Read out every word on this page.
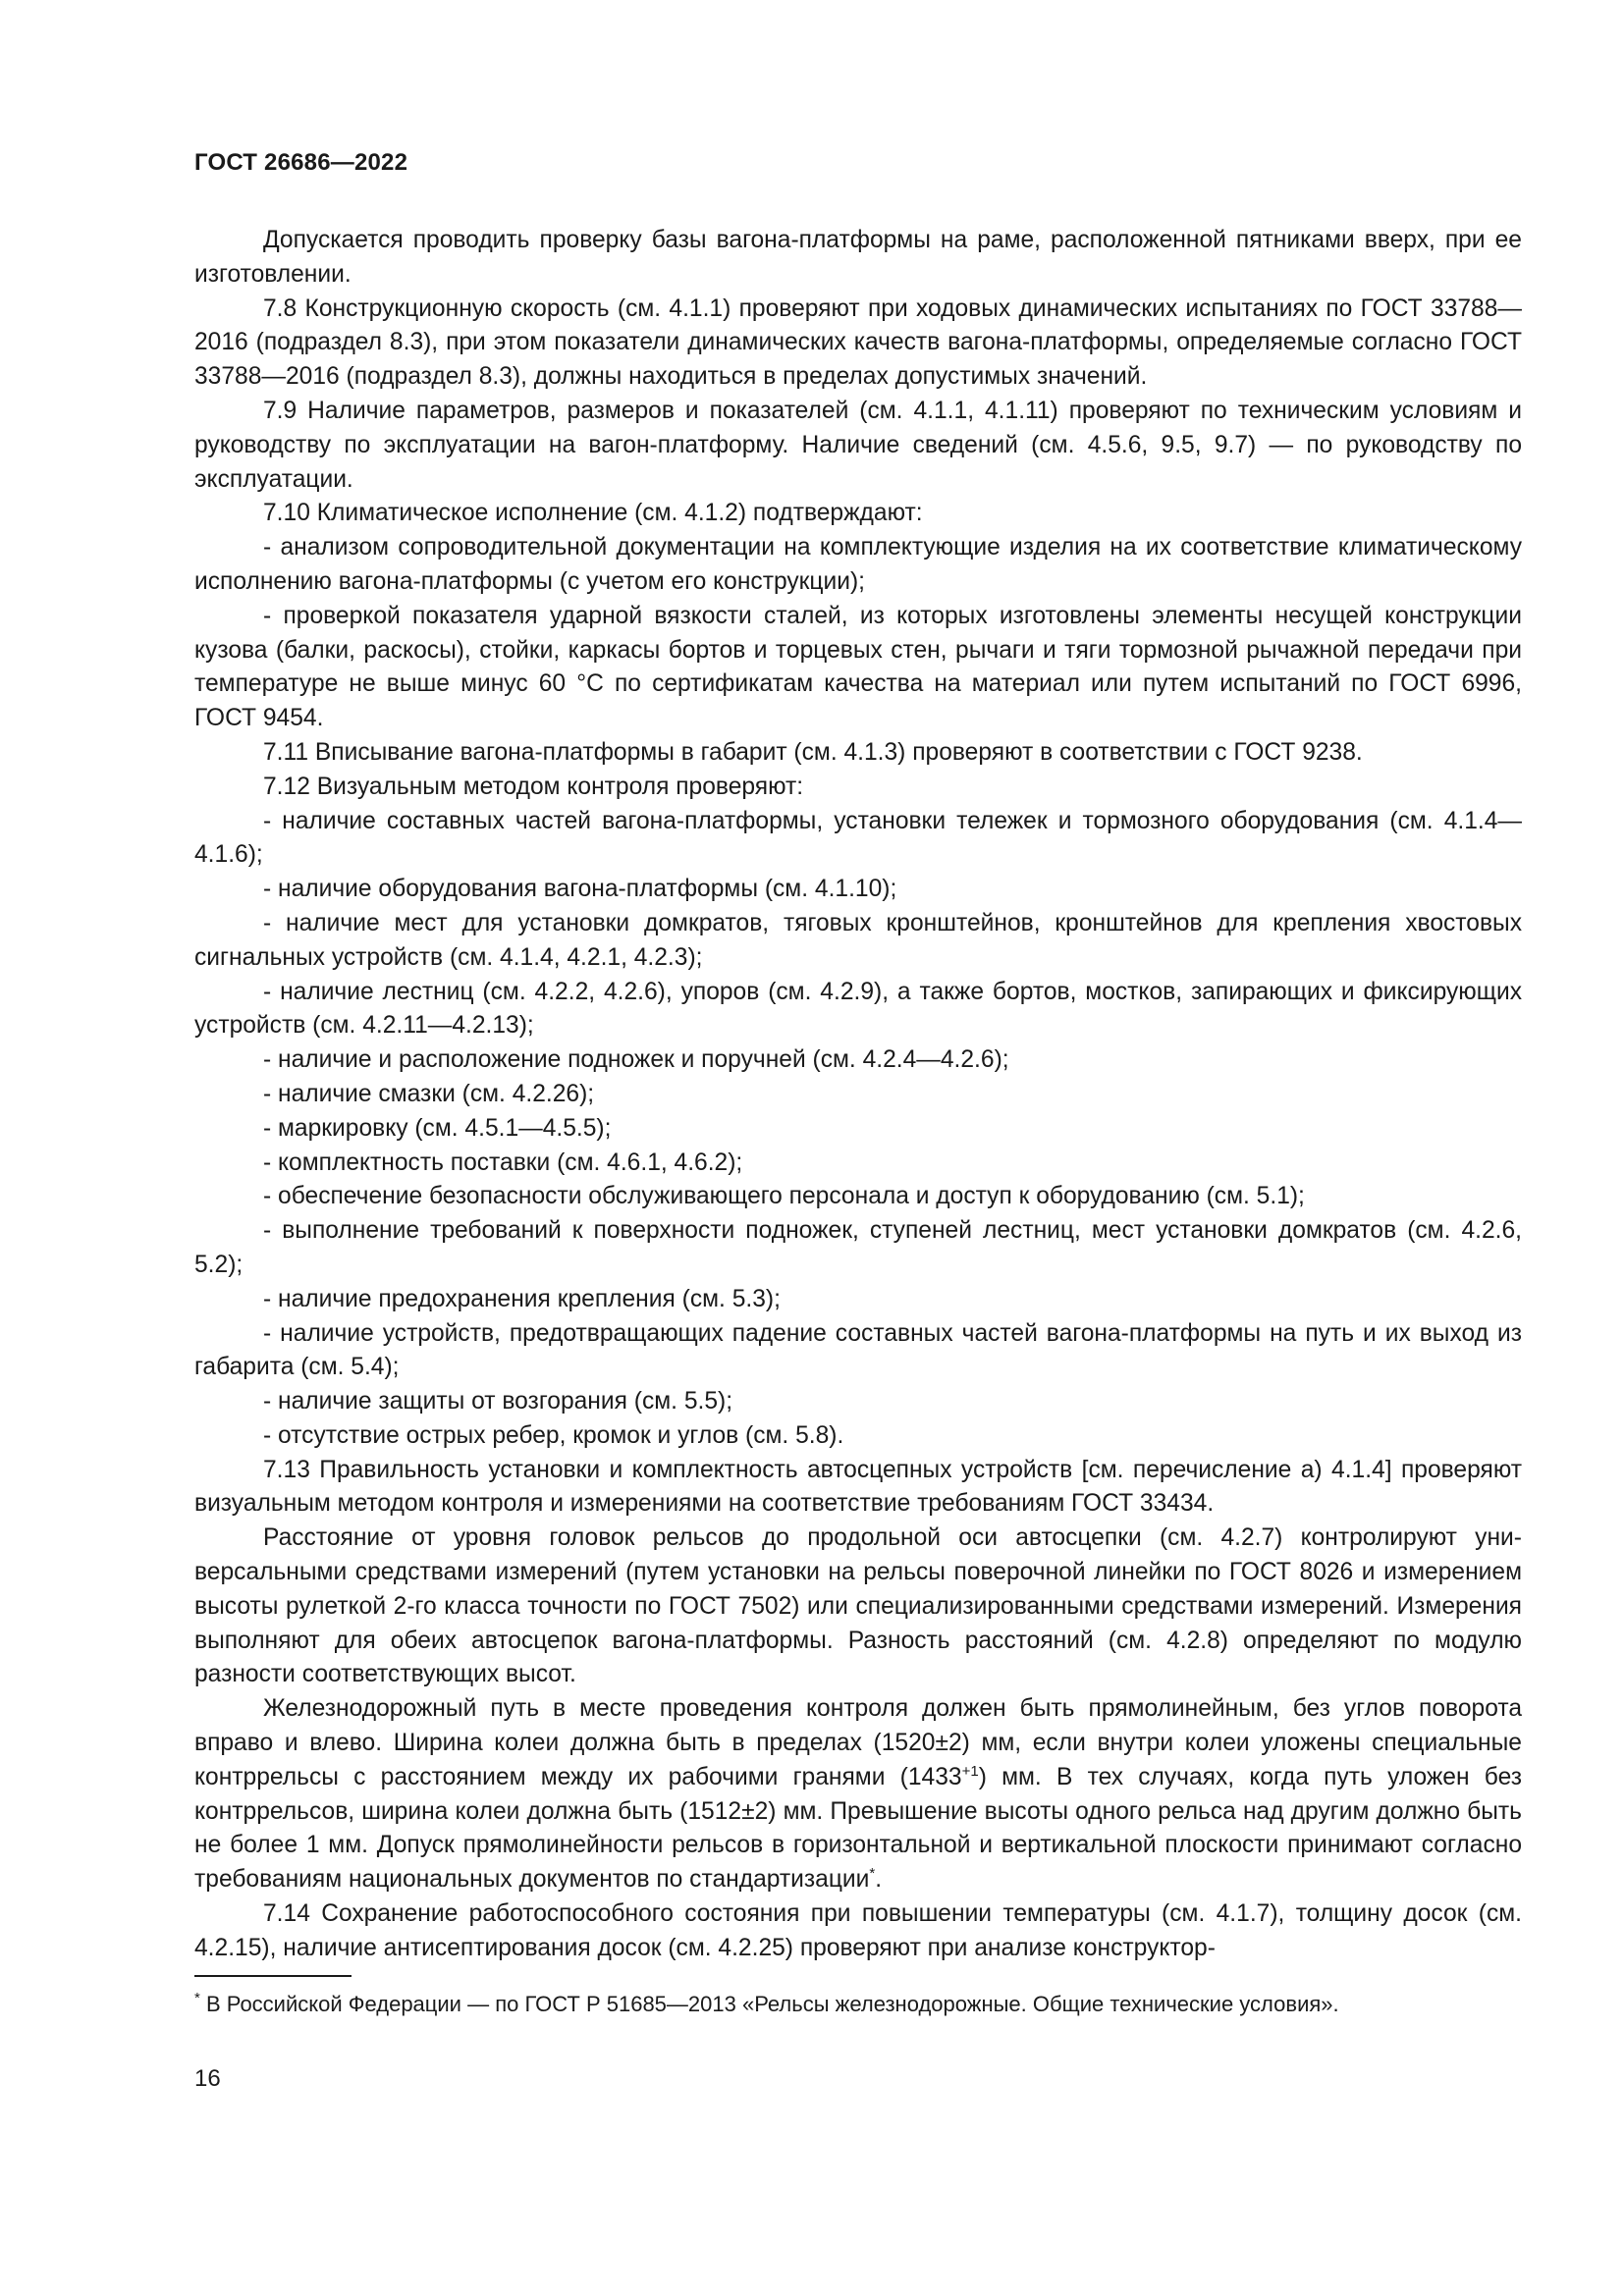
ГОСТ 26686—2022

Допускается проводить проверку базы вагона-платформы на раме, расположенной пятниками вверх, при ее изготовлении.

7.8 Конструкционную скорость (см. 4.1.1) проверяют при ходовых динамических испытаниях по ГОСТ 33788—2016 (подраздел 8.3), при этом показатели динамических качеств вагона-платформы, определяемые согласно ГОСТ 33788—2016 (подраздел 8.3), должны находиться в пределах допустимых значений.

7.9 Наличие параметров, размеров и показателей (см. 4.1.1, 4.1.11) проверяют по техническим условиям и руководству по эксплуатации на вагон-платформу. Наличие сведений (см. 4.5.6, 9.5, 9.7) — по руководству по эксплуатации.

7.10 Климатическое исполнение (см. 4.1.2) подтверждают:

- анализом сопроводительной документации на комплектующие изделия на их соответствие климатическому исполнению вагона-платформы (с учетом его конструкции);

- проверкой показателя ударной вязкости сталей, из которых изготовлены элементы несущей конструкции кузова (балки, раскосы), стойки, каркасы бортов и торцевых стен, рычаги и тяги тормозной рычажной передачи при температуре не выше минус 60 °С по сертификатам качества на материал или путем испытаний по ГОСТ 6996, ГОСТ 9454.

7.11 Вписывание вагона-платформы в габарит (см. 4.1.3) проверяют в соответствии с ГОСТ 9238.

7.12 Визуальным методом контроля проверяют:

- наличие составных частей вагона-платформы, установки тележек и тормозного оборудования (см. 4.1.4—4.1.6);

- наличие оборудования вагона-платформы (см. 4.1.10);

- наличие мест для установки домкратов, тяговых кронштейнов, кронштейнов для крепления хвостовых сигнальных устройств (см. 4.1.4, 4.2.1, 4.2.3);

- наличие лестниц (см. 4.2.2, 4.2.6), упоров (см. 4.2.9), а также бортов, мостков, запирающих и фиксирующих устройств (см. 4.2.11—4.2.13);

- наличие и расположение подножек и поручней (см. 4.2.4—4.2.6);

- наличие смазки (см. 4.2.26);

- маркировку (см. 4.5.1—4.5.5);

- комплектность поставки (см. 4.6.1, 4.6.2);

- обеспечение безопасности обслуживающего персонала и доступ к оборудованию (см. 5.1);

- выполнение требований к поверхности подножек, ступеней лестниц, мест установки домкратов (см. 4.2.6, 5.2);

- наличие предохранения крепления (см. 5.3);

- наличие устройств, предотвращающих падение составных частей вагона-платформы на путь и их выход из габарита (см. 5.4);

- наличие защиты от возгорания (см. 5.5);

- отсутствие острых ребер, кромок и углов (см. 5.8).

7.13 Правильность установки и комплектность автосцепных устройств [см. перечисление а) 4.1.4] проверяют визуальным методом контроля и измерениями на соответствие требованиям ГОСТ 33434.

Расстояние от уровня головок рельсов до продольной оси автосцепки (см. 4.2.7) контролируют универсальными средствами измерений (путем установки на рельсы поверочной линейки по ГОСТ 8026 и измерением высоты рулеткой 2-го класса точности по ГОСТ 7502) или специализированными средствами измерений. Измерения выполняют для обеих автосцепок вагона-платформы. Разность расстояний (см. 4.2.8) определяют по модулю разности соответствующих высот.

Железнодорожный путь в месте проведения контроля должен быть прямолинейным, без углов поворота вправо и влево. Ширина колеи должна быть в пределах (1520±2) мм, если внутри колеи уложены специальные контррельсы с расстоянием между их рабочими гранями $(1433^{+1})$ мм. В тех случаях, когда путь уложен без контррельсов, ширина колеи должна быть (1512±2) мм. Превышение высоты одного рельса над другим должно быть не более 1 мм. Допуск прямолинейности рельсов в горизонтальной и вертикальной плоскости принимают согласно требованиям национальных документов по стандартизации*.

7.14 Сохранение работоспособного состояния при повышении температуры (см. 4.1.7), толщину досок (см. 4.2.15), наличие антисептирования досок (см. 4.2.25) проверяют при анализе конструктор-

* В Российской Федерации — по ГОСТ Р 51685—2013 «Рельсы железнодорожные. Общие технические условия».

16
